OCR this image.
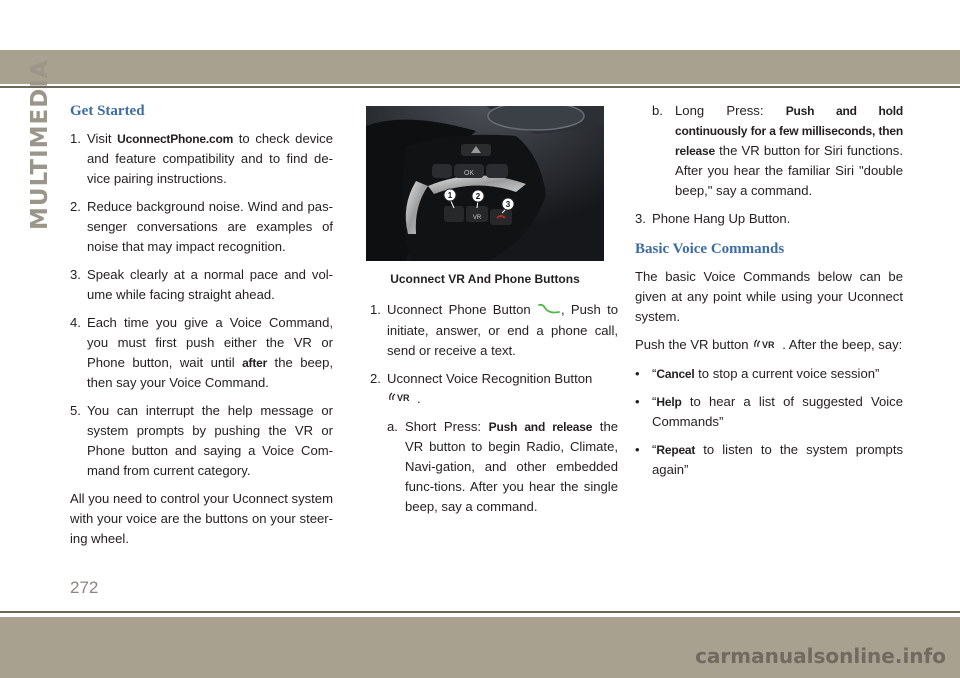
MULTIMEDIA Get Started
1. Visit UconnectPhone.com to check device and feature compatibility and to find de-vice pairing instructions.
2. Reduce background noise. Wind and pas-senger conversations are examples of noise that may impact recognition.
3. Speak clearly at a normal pace and vol-ume while facing straight ahead.
4. Each time you give a Voice Command, you must first push either the VR or Phone button, wait until after the beep, then say your Voice Command.
5. You can interrupt the help message or system prompts by pushing the VR or Phone button and saying a Voice Com-mand from current category.

All you need to control your Uconnect system with your voice are the buttons on your steer-ing wheel.

OK
VR
1	2
3
Uconnect VR And Phone Buttons
1. Uconnect Phone Button , Push to initiate, answer, or end a phone call, send or receive a text.
2. Uconnect Voice Recognition Button

VR .
a. Short Press: Push and release the VR button to begin Radio, Climate, Navi-gation, and other embedded func-tions. After you hear the single beep, say a command.
b. Long Press: Push and hold continuously for a few milliseconds, then release the VR button for Siri functions. After you hear the familiar Siri "double beep," say a command.
3. Phone Hang Up Button.
Basic Voice Commands

The basic Voice Commands below can be given at any point while using your Uconnect system.

Push the VR button VR . After the beep, say:

• “Cancel to stop a current voice session”
• “Help to hear a list of suggested Voice Commands”
• “Repeat to listen to the system prompts again”
272
carmanualsonline.info
